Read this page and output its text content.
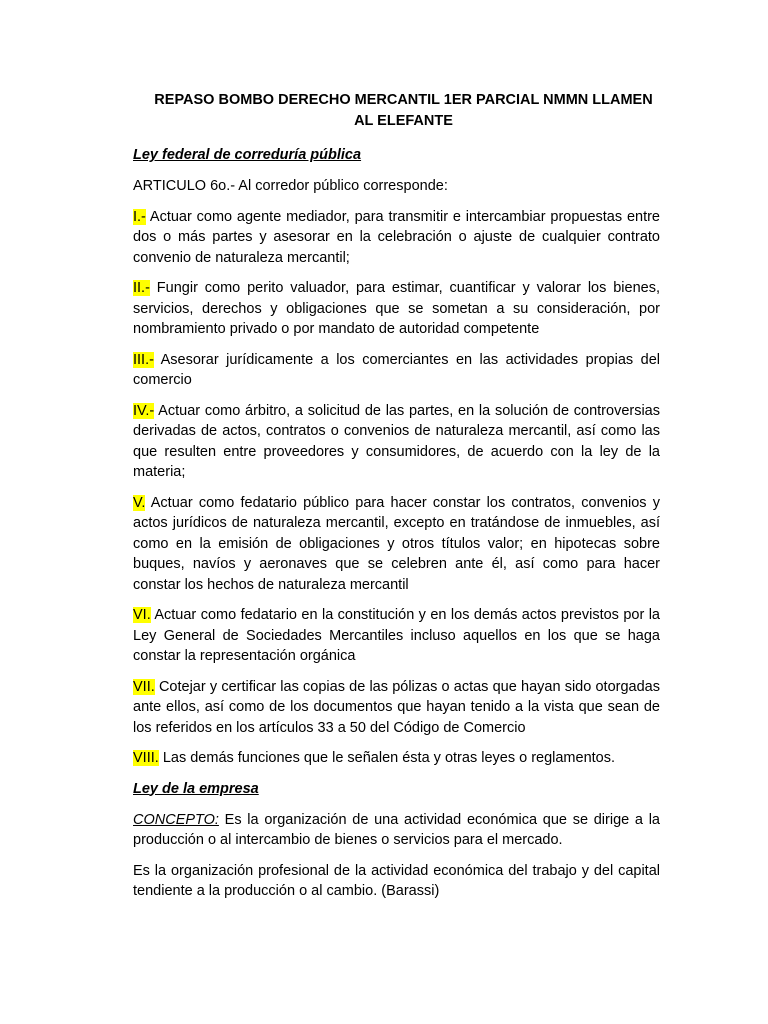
REPASO BOMBO DERECHO MERCANTIL 1ER PARCIAL NMMN LLAMEN AL ELEFANTE
Ley federal de correduría pública

ARTICULO 6o.- Al corredor público corresponde:

I.- Actuar como agente mediador, para transmitir e intercambiar propuestas entre dos o más partes y asesorar en la celebración o ajuste de cualquier contrato convenio de naturaleza mercantil;

II.- Fungir como perito valuador, para estimar, cuantificar y valorar los bienes, servicios, derechos y obligaciones que se sometan a su consideración, por nombramiento privado o por mandato de autoridad competente

III.- Asesorar jurídicamente a los comerciantes en las actividades propias del comercio

IV.- Actuar como árbitro, a solicitud de las partes, en la solución de controversias derivadas de actos, contratos o convenios de naturaleza mercantil, así como las que resulten entre proveedores y consumidores, de acuerdo con la ley de la materia;

V. Actuar como fedatario público para hacer constar los contratos, convenios y actos jurídicos de naturaleza mercantil, excepto en tratándose de inmuebles, así como en la emisión de obligaciones y otros títulos valor; en hipotecas sobre buques, navíos y aeronaves que se celebren ante él, así como para hacer constar los hechos de naturaleza mercantil

VI. Actuar como fedatario en la constitución y en los demás actos previstos por la Ley General de Sociedades Mercantiles incluso aquellos en los que se haga constar la representación orgánica

VII. Cotejar y certificar las copias de las pólizas o actas que hayan sido otorgadas ante ellos, así como de los documentos que hayan tenido a la vista que sean de los referidos en los artículos 33 a 50 del Código de Comercio

VIII. Las demás funciones que le señalen ésta y otras leyes o reglamentos.

Ley de la empresa

CONCEPTO: Es la organización de una actividad económica que se dirige a la producción o al intercambio de bienes o servicios para el mercado.

Es la organización profesional de la actividad económica del trabajo y del capital tendiente a la producción o al cambio. (Barassi)
